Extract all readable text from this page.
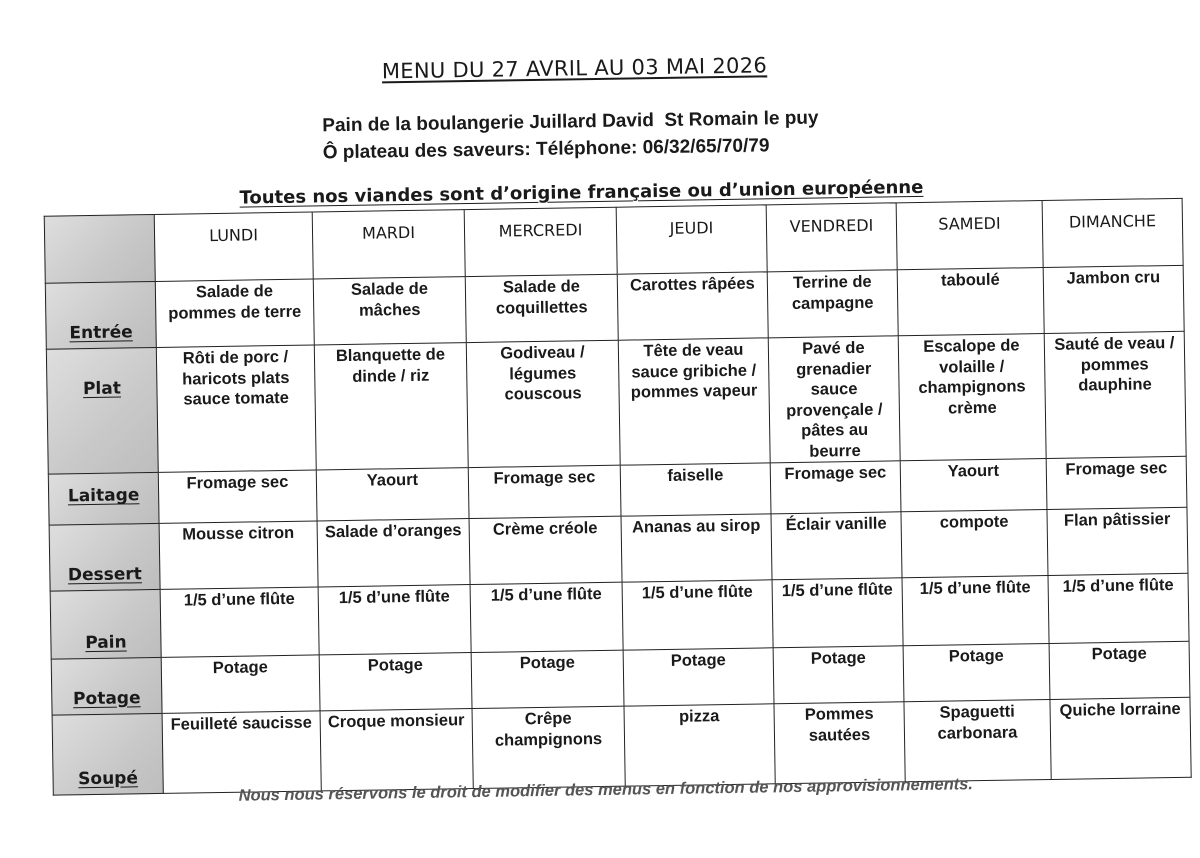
MENU DU 27 AVRIL AU 03 MAI 2026
Pain de la boulangerie Juillard David  St Romain le puy
Ô plateau des saveurs: Téléphone: 06/32/65/70/79
Toutes nos viandes sont d’origine française ou d’union européenne
	LUNDI	MARDI	MERCREDI	JEUDI	VENDREDI	SAMEDI	DIMANCHE
Entrée	Salade de pommes de terre	Salade de mâches	Salade de coquillettes	Carottes râpées	Terrine de campagne	taboulé	Jambon cru

Plat	Rôti de porc / haricots plats sauce tomate	Blanquette de dinde / riz	Godiveau / légumes couscous	Tête de veau sauce gribiche / pommes vapeur	Pavé de grenadier sauce provençale / pâtes au beurre	Escalope de volaille / champignons crème	Sauté de veau / pommes dauphine

Laitage	Fromage sec	Yaourt	Fromage sec	faiselle	Fromage sec	Yaourt	Fromage sec

Dessert	Mousse citron	Salade d’oranges	Crème créole	Ananas au sirop	Éclair vanille	compote	Flan pâtissier

Pain	1/5 d’une flûte	1/5 d’une flûte	1/5 d’une flûte	1/5 d’une flûte	1/5 d’une flûte	1/5 d’une flûte	1/5 d’une flûte

Potage	Potage	Potage	Potage	Potage	Potage	Potage	Potage

Soupé	Feuilleté saucisse	Croque monsieur	Crêpe champignons	pizza	Pommes sautées	Spaguetti carbonara	Quiche lorraine
Nous nous réservons le droit de modifier des menus en fonction de nos approvisionnements.
